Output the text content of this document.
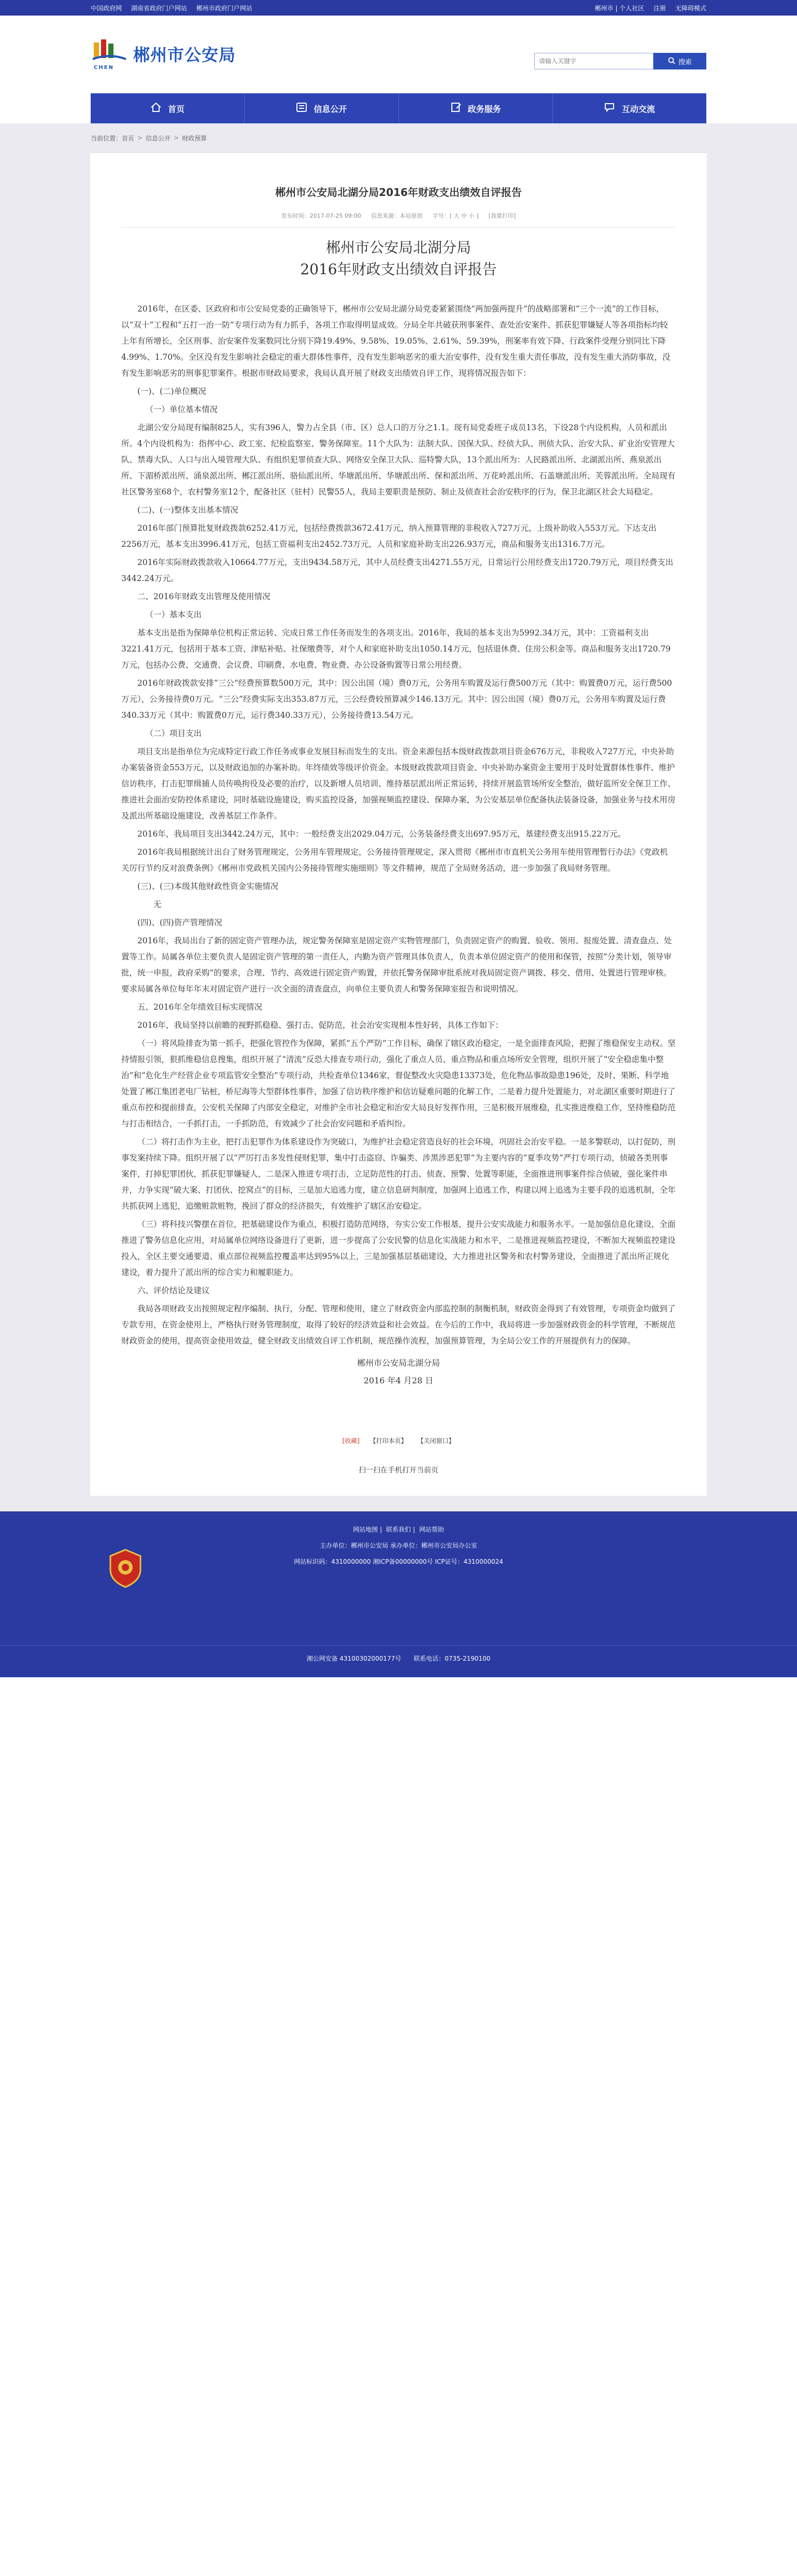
中国政府网 湖南省政府门户网站 郴州市政府门户网站	郴州市 | 个人社区 注册 无障碍模式
CHEN
郴州市公安局
请输入关键字	搜索
首页	信息公开	政务服务	互动交流
当前位置： 首页 > 信息公开 > 财政预算
郴州市公安局北湖分局2016年财政支出绩效自评报告
发布时间：2017-07-25 09:00 信息来源：本站原创 字号：[ 大 中 小 ] [我要打印]
郴州市公安局北湖分局
2016年财政支出绩效自评报告

2016年，在区委、区政府和市公安局党委的正确领导下，郴州市公安局北湖分局党委紧紧围绕“两加强两提升”的战略部署和“三个一流”的工作目标，以“双十”工程和“五打一治一防”专项行动为有力抓手，各项工作取得明显成效。分局全年共破获刑事案件、查处治安案件、抓获犯罪嫌疑人等各项指标均较上年有所增长，全区刑事、治安案件发案数同比分别下降19.49%、9.58%、19.05%、2.61%、59.39%，刑案率有效下降、行政案件受理分别同比下降4.99%、1.70%。全区没有发生影响社会稳定的重大群体性事件，没有发生影响恶劣的重大治安事件，没有发生重大责任事故，没有发生重大消防事故，没有发生影响恶劣的刑事犯罪案件。根据市财政局要求，我局认真开展了财政支出绩效自评工作，现将情况报告如下：

(一)、(二)单位概况

（一）单位基本情况

北湖公安分局现有编制825人，实有396人，警力占全县（市、区）总人口的万分之1.1。现有局党委班子成员13名，下设28个内设机构，人员和派出所。4个内设机构为：指挥中心、政工室、纪检监察室、警务保障室。11个大队为：法制大队、国保大队、经侦大队、刑侦大队、治安大队、矿业治安管理大队、禁毒大队、人口与出入境管理大队、有组织犯罪侦查大队、网络安全保卫大队、巡特警大队，13个派出所为：人民路派出所、北湖派出所、燕泉派出所、下湄桥派出所、涌泉派出所、郴江派出所、骆仙派出所、华塘派出所、华塘派出所、保和派出所、万花岭派出所、石盖塘派出所、芙蓉派出所。全局现有社区警务室68个，农村警务室12个，配备社区（驻村）民警55人，我局主要职责是预防、制止及侦查社会治安秩序的行为，保卫北湖区社会大局稳定。

(二)、(一)整体支出基本情况

2016年部门预算批复财政拨款6252.41万元，包括经费拨款3672.41万元，纳入预算管理的非税收入727万元，上级补助收入553万元。下达支出2256万元，基本支出3996.41万元，包括工资福利支出2452.73万元，人员和家庭补助支出226.93万元，商品和服务支出1316.7万元。

2016年实际财政拨款收入10664.77万元，支出9434.58万元，其中人员经费支出4271.55万元，日常运行公用经费支出1720.79万元，项目经费支出3442.24万元。

二、2016年财政支出管理及使用情况

（一）基本支出

基本支出是指为保障单位机构正常运转、完成日常工作任务而发生的各项支出。2016年，我局的基本支出为5992.34万元，其中：工资福利支出3221.41万元，包括用于基本工资、津贴补贴、社保缴费等，对个人和家庭补助支出1050.14万元，包括退休费、住房公积金等。商品和服务支出1720.79万元，包括办公费、交通费、会议费、印刷费、水电费、物业费、办公设备购置等日常公用经费。

2016年财政拨款安排“三公”经费预算数500万元，其中：因公出国（境）费0万元，公务用车购置及运行费500万元（其中：购置费0万元，运行费500万元），公务接待费0万元。“三公”经费实际支出353.87万元，三公经费较预算减少146.13万元。其中：因公出国（境）费0万元，公务用车购置及运行费340.33万元（其中：购置费0万元，运行费340.33万元），公务接待费13.54万元。

（二）项目支出

项目支出是指单位为完成特定行政工作任务或事业发展目标而发生的支出。资金来源包括本级财政拨款项目资金676万元，非税收入727万元，中央补助办案装备资金553万元，以及财政追加的办案补助。年终绩效等级评价资金。本级财政拨款项目资金、中央补助办案资金主要用于及时处置群体性事件、维护信访秩序，打击犯罪缉捕人员传唤拘役及必要的治疗，以及新增人员培训、维持基层派出所正常运转，持续开展监管场所安全整治，做好监所安全保卫工作、推进社会面治安防控体系建设，同时基础设施建设，购买监控设备，加强视频监控建设、保障办案，为公安基层单位配备执法装备设备，加强业务与技术用房及派出所基础设施建设，改善基层工作条件。

2016年，我局项目支出3442.24万元，其中：一般经费支出2029.04万元，公务装备经费支出697.95万元，基建经费支出915.22万元。

2016年我局根据统计出台了财务管理规定，公务用车管理规定，公务接待管理规定，深入贯彻《郴州市市直机关公务用车使用管理暂行办法》《党政机关厉行节约反对浪费条例》《郴州市党政机关国内公务接待管理实施细则》等文件精神，规范了全局财务活动，进一步加强了我局财务管理。

(三)、(三)本级其他财政性资金实施情况

无

(四)、(四)资产管理情况

2016年，我局出台了新的固定资产管理办法，规定警务保障室是固定资产实物管理部门，负责固定资产的购置、验收、领用、报废处置、清查盘点、处置等工作。局属各单位主要负责人是固定资产管理的第一责任人，内勤为资产管理具体负责人，负责本单位固定资产的使用和保管，按照“分类计划，领导审批，统一申报，政府采购”的要求，合理、节约、高效进行固定资产购置，并依托警务保障审批系统对我局固定资产调拨、移交、借用、处置进行管理审核。要求局属各单位每年年末对固定资产进行一次全面的清查盘点，向单位主要负责人和警务保障室报告和说明情况。

五、2016年全年绩效目标实现情况

2016年，我局坚持以前瞻的视野抓稳稳、强打击、促防范，社会治安实现根本性好转，具体工作如下：

（一）将风险排查为第一抓手，把强化管控作为保障，紧抓“五个严防”工作目标，确保了辖区政治稳定，一是全面排查风险，把握了维稳保安主动权。坚持情报引领，狠抓维稳信息搜集，组织开展了“清流”反恐大排查专项行动，强化了重点人员、重点物品和重点场所安全管理，组织开展了“安全稳虑集中整治”和“危化生产经营企业专项监管安全整治”专项行动，共检查单位1346家，督促整改火灾隐患13373处，危化物品事故隐患196处，及时、果断、科学地处置了郴江集团老电厂钻桩，桥尼海等大型群体性事件，加强了信访秩序维护和信访疑难问题的化解工作，二是着力提升处置能力，对北湖区重要时期进行了重点布控和提前排查，公安机关保障了内部安全稳定，对维护全市社会稳定和治安大局良好发挥作用，三是积极开展维稳，扎实推进维稳工作，坚持维稳防范与打击相结合，一手抓打击，一手抓防范，有效减少了社会治安问题和矛盾纠纷。

（二）将打击作为主业，把打击犯罪作为体系建设作为突破口，为维护社会稳定营造良好的社会环境，巩固社会治安平稳。一是多警联动，以打促防，刑事发案持续下降。组织开展了以“严厉打击多发性侵财犯罪，集中打击盗窃、诈骗类、涉黑涉恶犯罪”为主要内容的“夏季攻势”严打专项行动，侦破各类刑事案件，打掉犯罪团伙，抓获犯罪嫌疑人，二是深入推进专项打击，立足防范性的打击、侦查、预警、处置等职能，全面推进刑事案件综合侦破，强化案件串并，力争实现“破大案、打团伙、挖窝点”的目标，三是加大追逃力度，建立信息研判制度，加强网上追逃工作，构建以网上追逃为主要手段的追逃机制，全年共抓获网上逃犯，追缴赃款赃物，挽回了群众的经济损失，有效维护了辖区治安稳定。

（三）将科技兴警摆在首位，把基础建设作为重点，积极打造防范网络，夯实公安工作根基，提升公安实战能力和服务水平。一是加强信息化建设，全面推进了警务信息化应用，对局属单位网络设备进行了更新，进一步提高了公安民警的信息化实战能力和水平，二是推进视频监控建设，不断加大视频监控建设投入，全区主要交通要道、重点部位视频监控覆盖率达到95%以上，三是加强基层基础建设，大力推进社区警务和农村警务建设，全面推进了派出所正规化建设，着力提升了派出所的综合实力和履职能力。

六、评价结论及建议

我局各项财政支出按照规定程序编制、执行，分配、管理和使用，建立了财政资金内部监控制的制衡机制，财政资金得到了有效管理，专项资金均做到了专款专用，在资金使用上，严格执行财务管理制度，取得了较好的经济效益和社会效益。在今后的工作中，我局将进一步加强财政资金的科学管理，不断规范财政资金的使用，提高资金使用效益，健全财政支出绩效自评工作机制，规范操作流程，加强预算管理，为全局公安工作的开展提供有力的保障。

郴州市公安局北湖分局
2016 年4 月28 日
[收藏] 【打印本页】 【关闭窗口】
扫一扫在手机打开当前页
网站地图 | 联系我们 | 网站帮助
主办单位：郴州市公安局 承办单位：郴州市公安局办公室
网站标识码：4310000000 湘ICP备00000000号 ICP证号：4310000024
湘公网安备 43100302000177号 联系电话：0735-2190100
